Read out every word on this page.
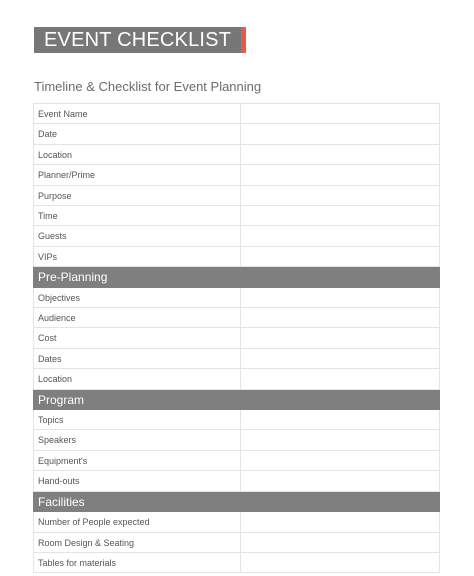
EVENT CHECKLIST
Timeline & Checklist for Event Planning
Event Name
Date
Location
Planner/Prime
Purpose
Time
Guests
VIPs
Pre-Planning
Objectives
Audience
Cost
Dates
Location
Program
Topics
Speakers
Equipment's
Hand-outs
Facilities
Number of People expected
Room Design & Seating
Tables for materials
